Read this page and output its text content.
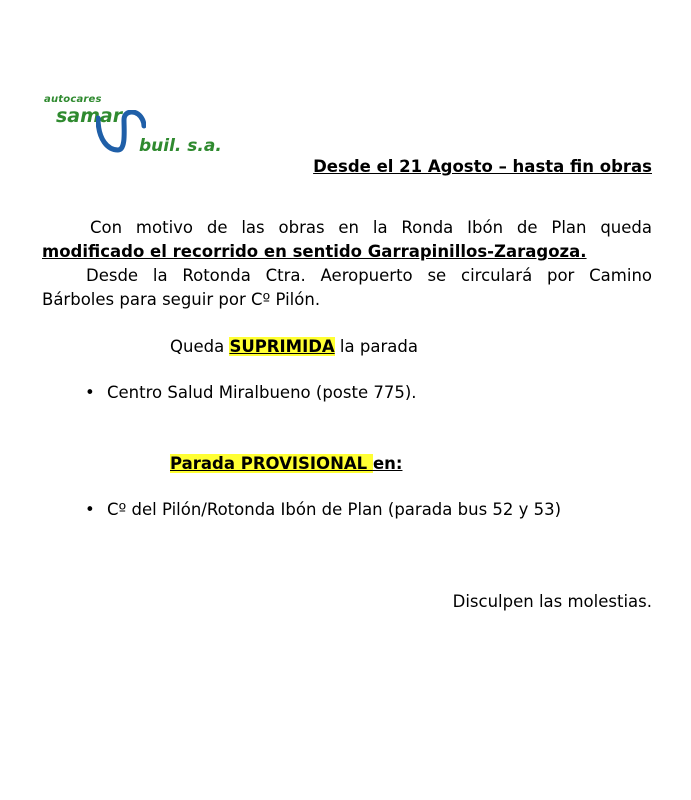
autocares
samar
buil. s.a.
Desde el 21 Agosto – hasta fin obras
Con motivo de las obras en la Ronda Ibón de Plan queda
modificado el recorrido en sentido Garrapinillos-Zaragoza.
Desde la Rotonda Ctra. Aeropuerto se circulará por Camino
Bárboles para seguir por Cº Pilón.
Queda SUPRIMIDA la parada
• Centro Salud Miralbueno (poste 775).
Parada PROVISIONAL en:
• Cº del Pilón/Rotonda Ibón de Plan (parada bus 52 y 53)
Disculpen las molestias.
